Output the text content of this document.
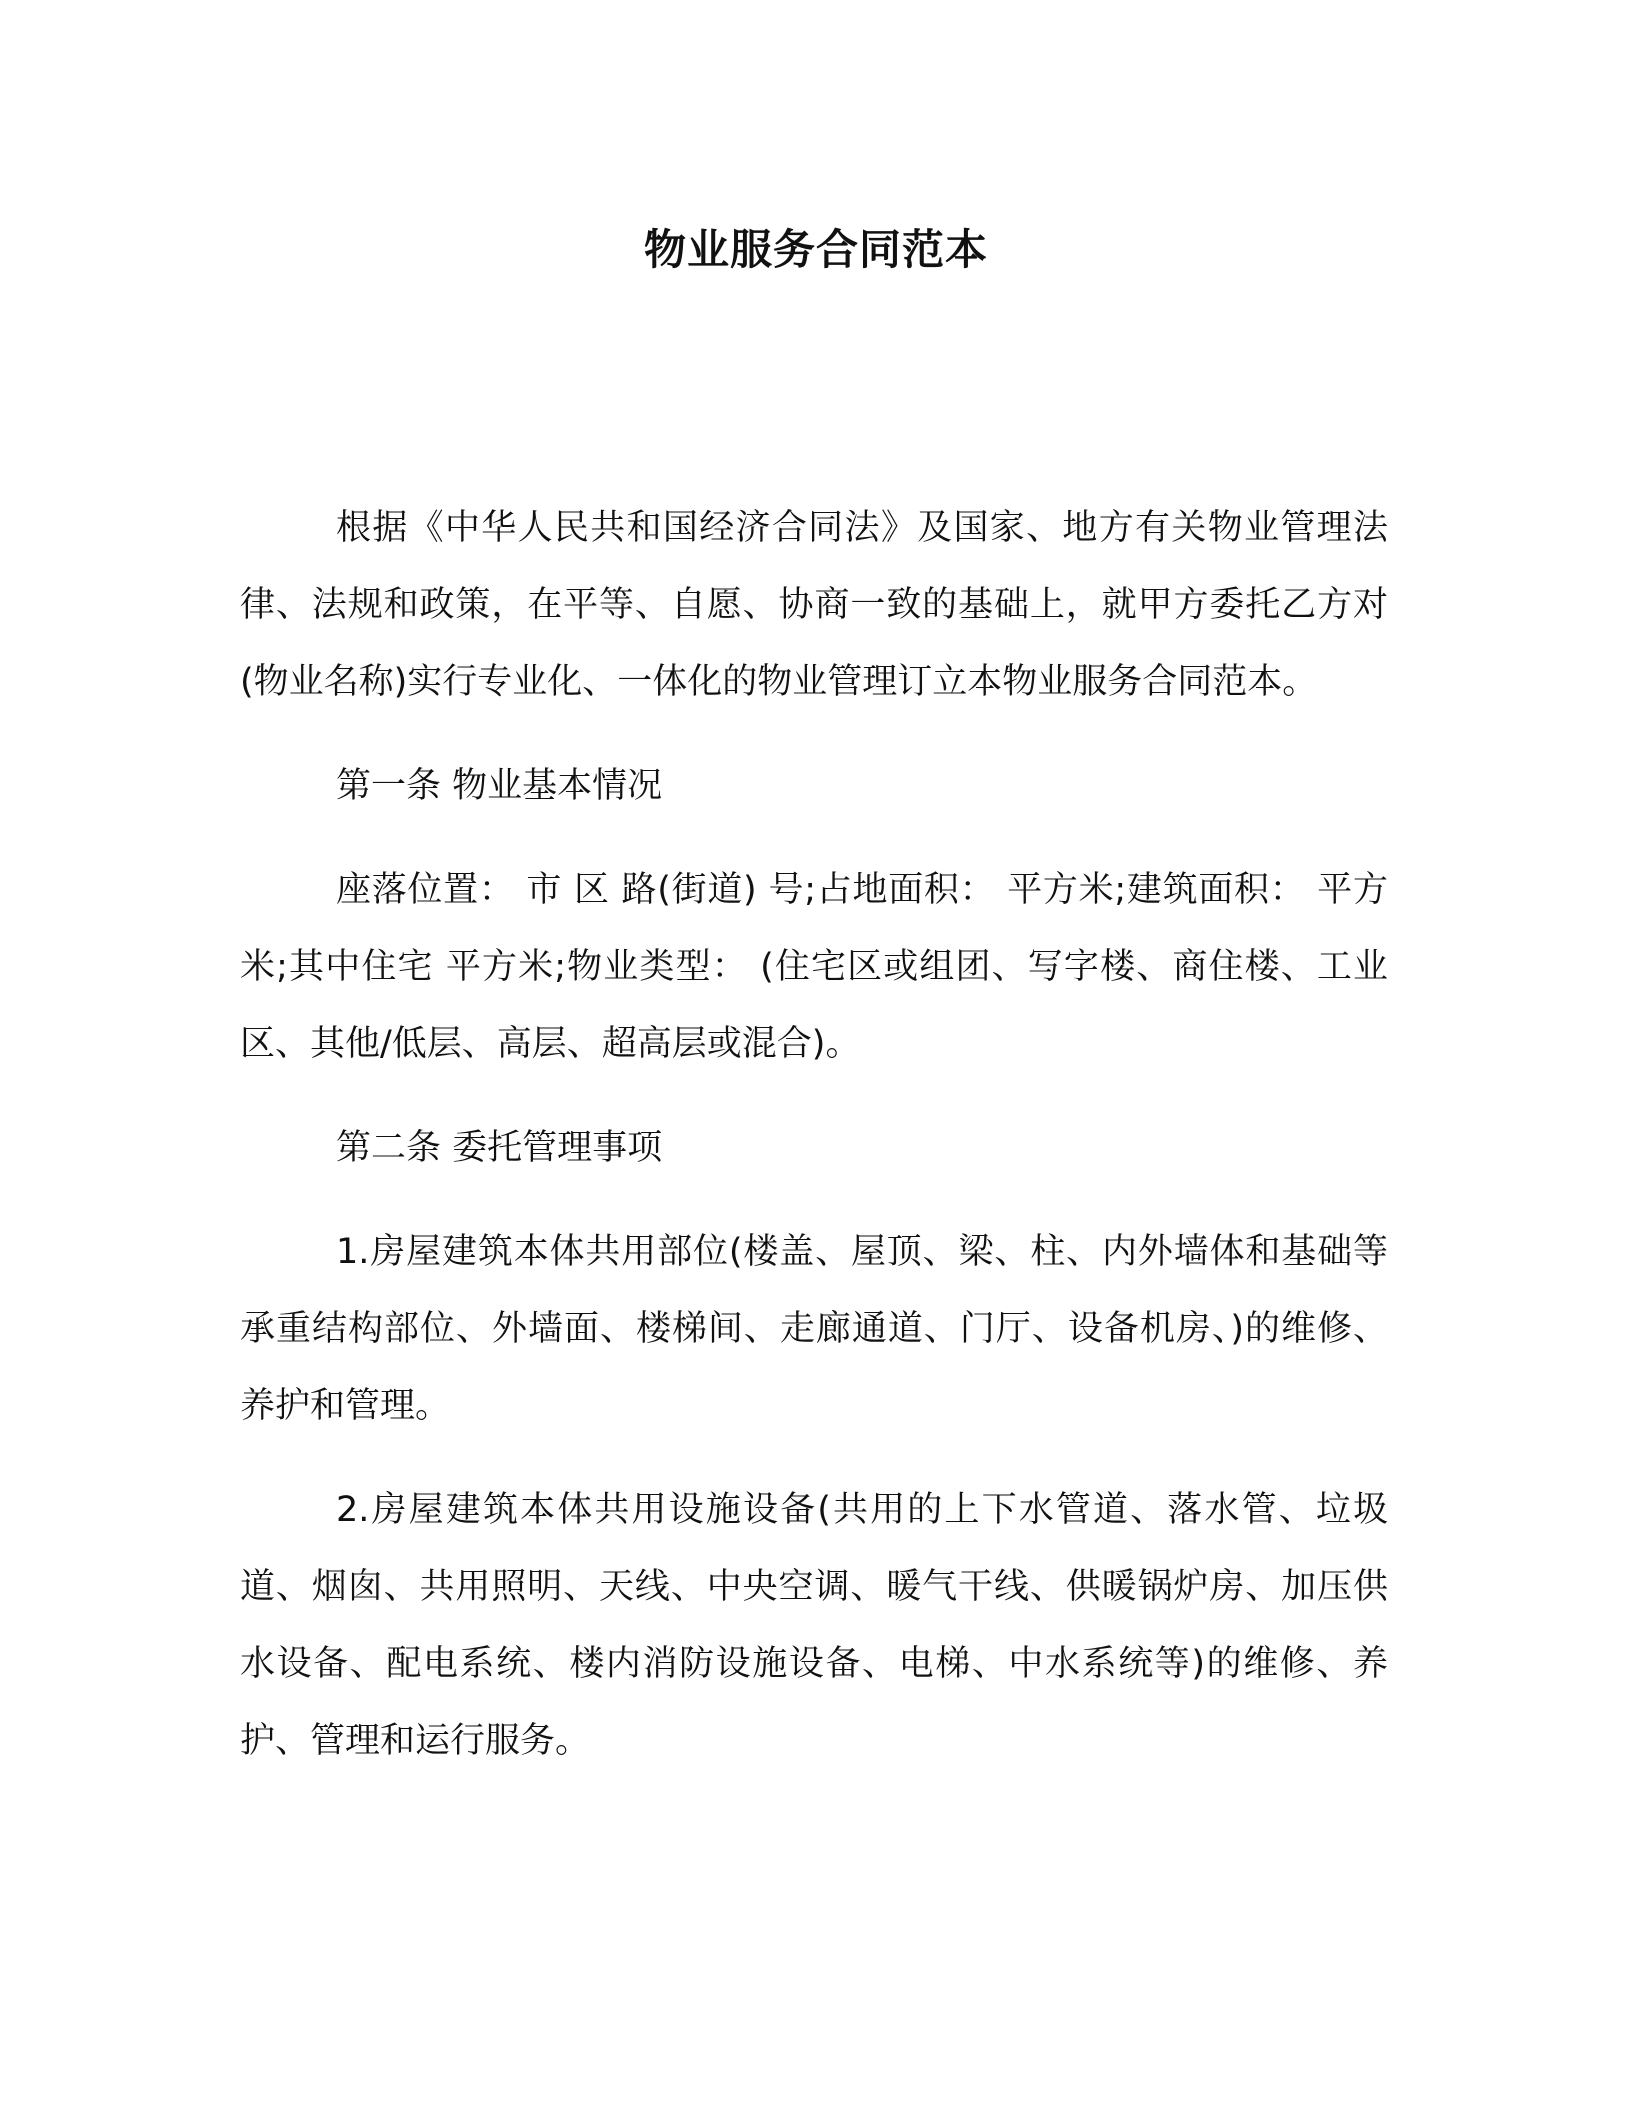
物业服务合同范本

根据《中华人民共和国经济合同法》及国家、地方有关物业管理法律、法规和政策，在平等、自愿、协商一致的基础上，就甲方委托乙方对(物业名称)实行专业化、一体化的物业管理订立本物业服务合同范本。

第一条 物业基本情况

座落位置： 市 区 路(街道) 号;占地面积： 平方米;建筑面积： 平方米;其中住宅 平方米;物业类型： (住宅区或组团、写字楼、商住楼、工业区、其他/低层、高层、超高层或混合)。

第二条 委托管理事项

1.房屋建筑本体共用部位(楼盖、屋顶、梁、柱、内外墙体和基础等承重结构部位、外墙面、楼梯间、走廊通道、门厅、设备机房、)的维修、养护和管理。

2.房屋建筑本体共用设施设备(共用的上下水管道、落水管、垃圾道、烟囱、共用照明、天线、中央空调、暖气干线、供暖锅炉房、加压供水设备、配电系统、楼内消防设施设备、电梯、中水系统等)的维修、养护、管理和运行服务。
